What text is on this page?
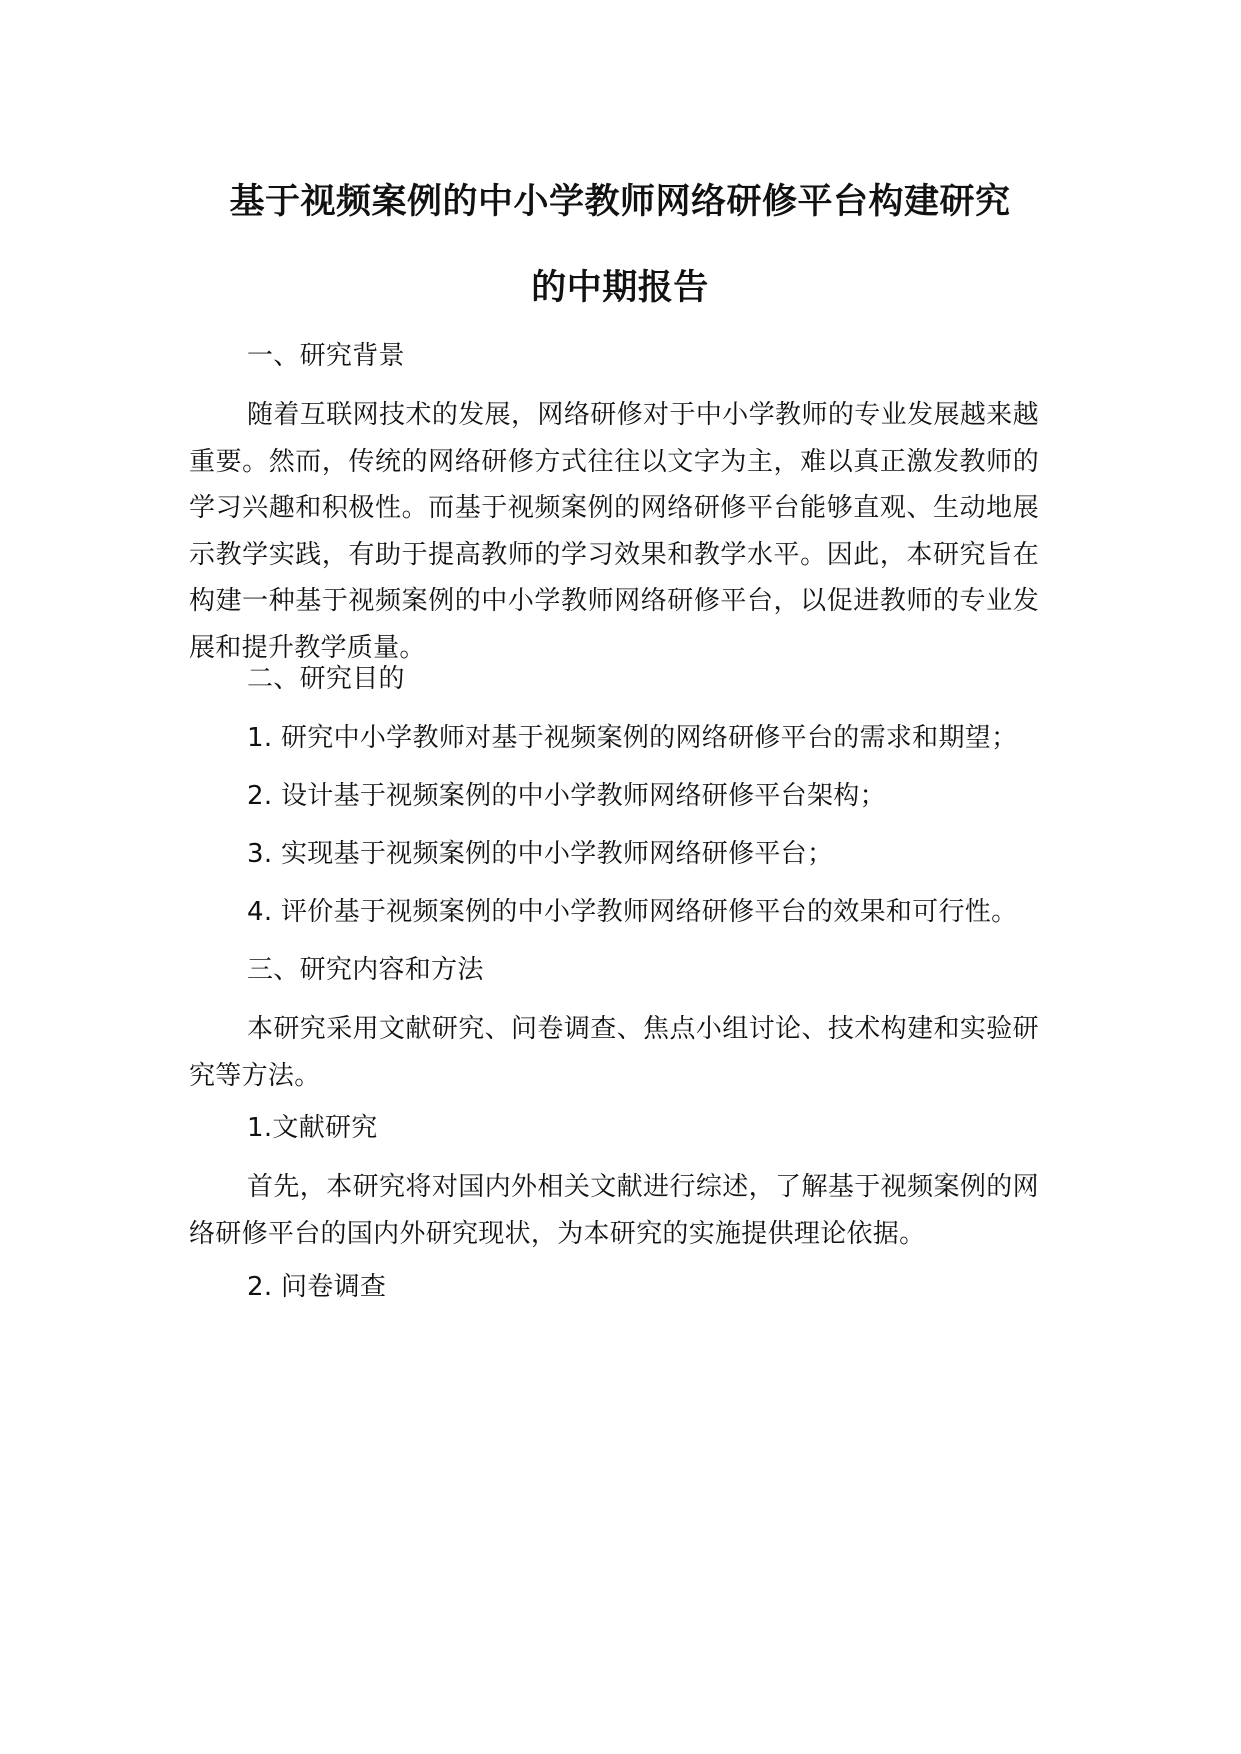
基于视频案例的中小学教师网络研修平台构建研究
的中期报告
一、研究背景
随着互联网技术的发展，网络研修对于中小学教师的专业发展越来越重要。然而，传统的网络研修方式往往以文字为主，难以真正激发教师的学习兴趣和积极性。而基于视频案例的网络研修平台能够直观、生动地展示教学实践，有助于提高教师的学习效果和教学水平。因此，本研究旨在构建一种基于视频案例的中小学教师网络研修平台，以促进教师的专业发展和提升教学质量。
二、研究目的
1. 研究中小学教师对基于视频案例的网络研修平台的需求和期望；
2. 设计基于视频案例的中小学教师网络研修平台架构；
3. 实现基于视频案例的中小学教师网络研修平台；
4. 评价基于视频案例的中小学教师网络研修平台的效果和可行性。
三、研究内容和方法
本研究采用文献研究、问卷调查、焦点小组讨论、技术构建和实验研究等方法。
1.文献研究
首先，本研究将对国内外相关文献进行综述，了解基于视频案例的网络研修平台的国内外研究现状，为本研究的实施提供理论依据。
2. 问卷调查
